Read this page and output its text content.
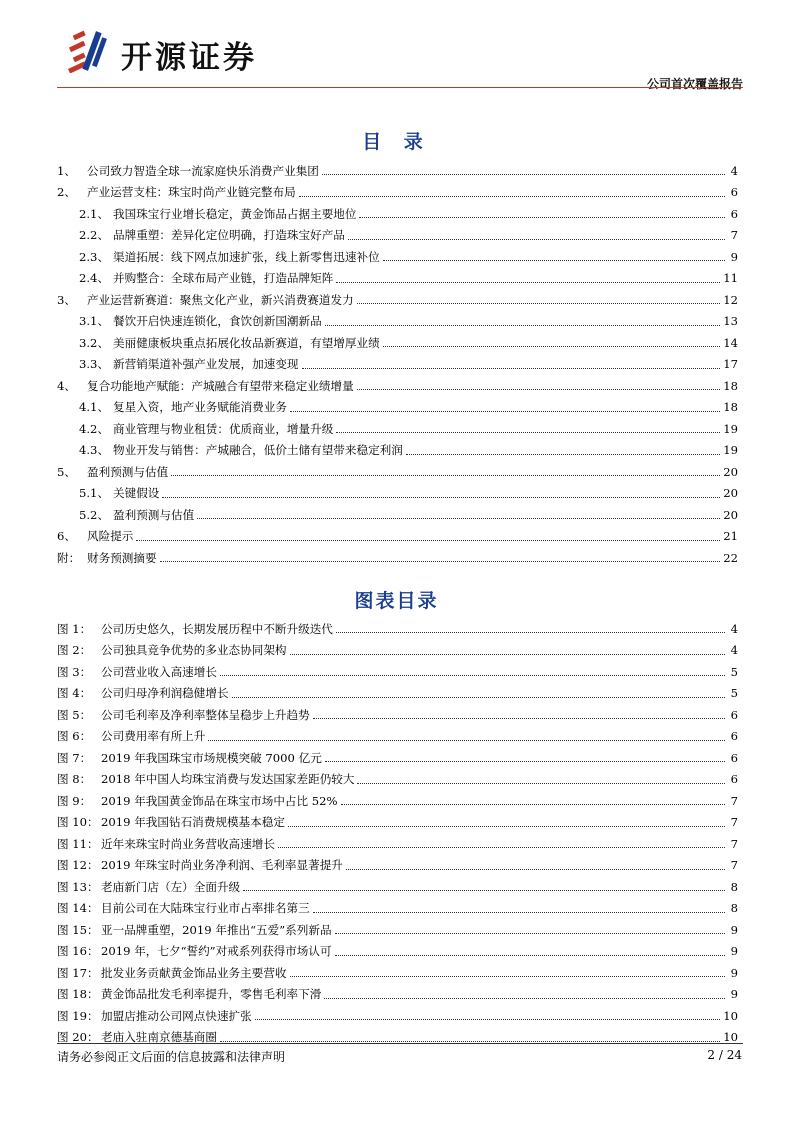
开源证券
公司首次覆盖报告
目 录
1、 公司致力智造全球一流家庭快乐消费产业集团	4
2、 产业运营支柱：珠宝时尚产业链完整布局	6
2.1、 我国珠宝行业增长稳定，黄金饰品占据主要地位	6
2.2、 品牌重塑：差异化定位明确，打造珠宝好产品	7
2.3、 渠道拓展：线下网点加速扩张，线上新零售迅速补位	9
2.4、 并购整合：全球布局产业链，打造品牌矩阵	11
3、 产业运营新赛道：聚焦文化产业，新兴消费赛道发力	12
3.1、 餐饮开启快速连锁化，食饮创新国潮新品	13
3.2、 美丽健康板块重点拓展化妆品新赛道，有望增厚业绩	14
3.3、 新营销渠道补强产业发展，加速变现	17
4、 复合功能地产赋能：产城融合有望带来稳定业绩增量	18
4.1、 复星入资，地产业务赋能消费业务	18
4.2、 商业管理与物业租赁：优质商业，增量升级	19
4.3、 物业开发与销售：产城融合，低价土储有望带来稳定利润	19
5、 盈利预测与估值	20
5.1、 关键假设	20
5.2、 盈利预测与估值	20
6、 风险提示	21
附： 财务预测摘要	22
图表目录
图 1： 公司历史悠久，长期发展历程中不断升级迭代	4
图 2： 公司独具竞争优势的多业态协同架构	4
图 3： 公司营业收入高速增长	5
图 4： 公司归母净利润稳健增长	5
图 5： 公司毛利率及净利率整体呈稳步上升趋势	6
图 6： 公司费用率有所上升	6
图 7： 2019 年我国珠宝市场规模突破 7000 亿元	6
图 8： 2018 年中国人均珠宝消费与发达国家差距仍较大	6
图 9： 2019 年我国黄金饰品在珠宝市场中占比 52%	7
图 10： 2019 年我国钻石消费规模基本稳定	7
图 11： 近年来珠宝时尚业务营收高速增长	7
图 12： 2019 年珠宝时尚业务净利润、毛利率显著提升	7
图 13： 老庙新门店（左）全面升级	8
图 14： 目前公司在大陆珠宝行业市占率排名第三	8
图 15： 亚一品牌重塑，2019 年推出“五爱”系列新品	9
图 16： 2019 年，七夕“誓约”对戒系列获得市场认可	9
图 17： 批发业务贡献黄金饰品业务主要营收	9
图 18： 黄金饰品批发毛利率提升，零售毛利率下滑	9
图 19： 加盟店推动公司网点快速扩张	10
图 20： 老庙入驻南京德基商圈	10
请务必参阅正文后面的信息披露和法律声明	2 / 24
